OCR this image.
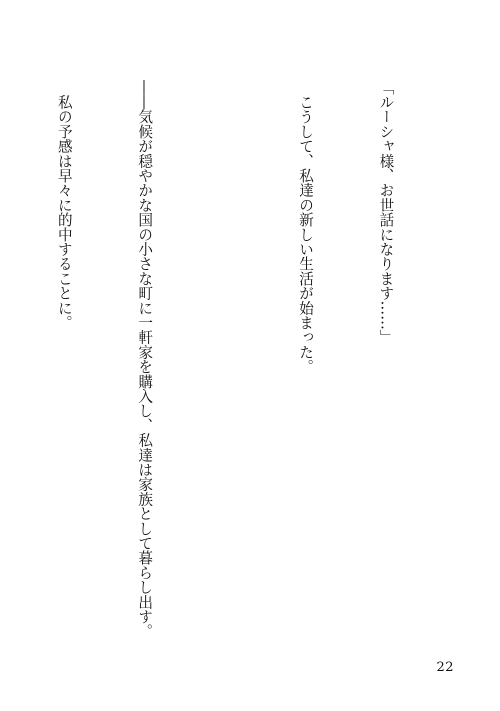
「ルーシャ様、お世話になります……」

　こうして、私達の新しい生活が始まった。

――気候が穏やかな国の小さな町に一軒家を購入し、私達は家族として暮らし出す。

　私の予感は早々に的中することに。

22
